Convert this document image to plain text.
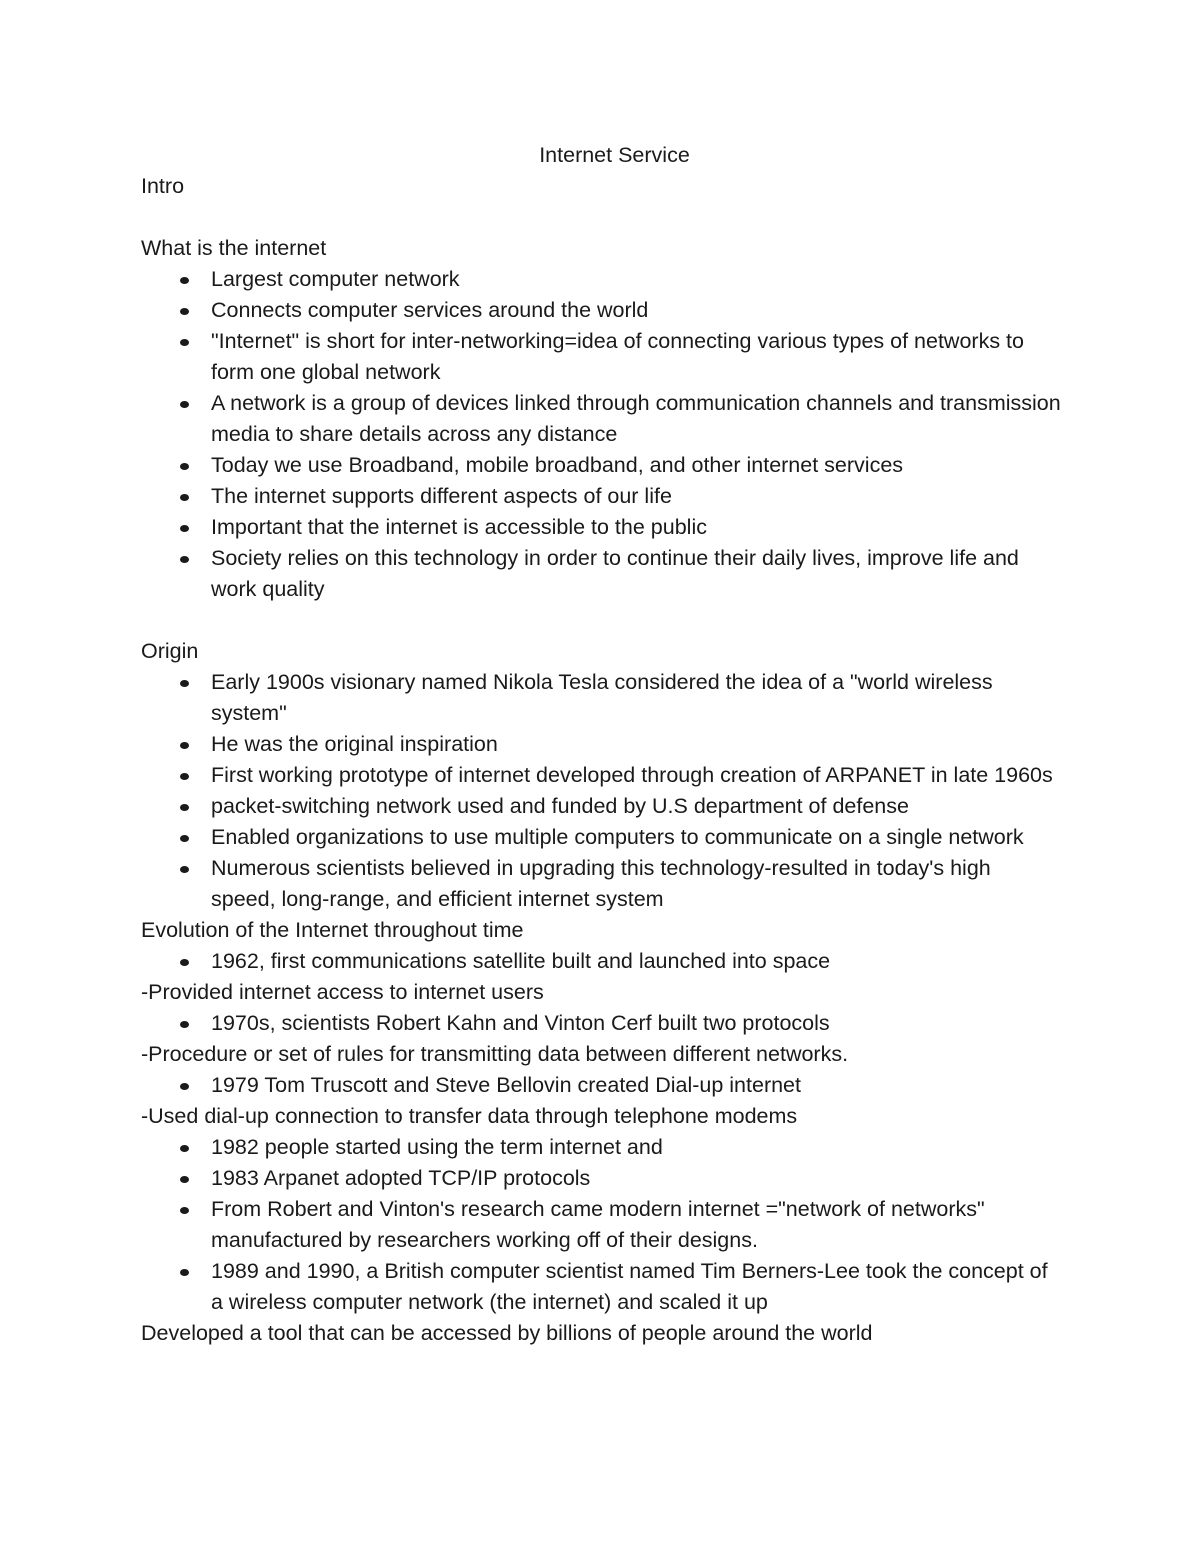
Internet Service
Intro
What is the internet
Largest computer network
Connects computer services around the world
"Internet" is short for inter-networking=idea of connecting various types of networks to form one global network
A network is a group of devices linked through communication channels and transmission media to share details across any distance
Today we use Broadband, mobile broadband, and other internet services
The internet supports different aspects of our life
Important that the internet is accessible to the public
Society relies on this technology in order to continue their daily lives, improve life and work quality
Origin
Early 1900s visionary named Nikola Tesla considered the idea of a "world wireless system"
He was the original inspiration
First working prototype of internet developed through creation of ARPANET in late 1960s
packet-switching network used and funded by U.S department of defense
Enabled organizations to use multiple computers to communicate on a single network
Numerous scientists believed in upgrading this technology-resulted in today's high speed, long-range, and efficient internet system
Evolution of the Internet throughout time
1962, first communications satellite built and launched into space
-Provided internet access to internet users
1970s, scientists Robert Kahn and Vinton Cerf built two protocols
-Procedure or set of rules for transmitting data between different networks.
1979 Tom Truscott and Steve Bellovin created Dial-up internet
-Used dial-up connection to transfer data through telephone modems
1982 people started using the term internet and
1983 Arpanet adopted TCP/IP protocols
From Robert and Vinton's research came modern internet ="network of networks" manufactured by researchers working off of their designs.
1989 and 1990, a British computer scientist named Tim Berners-Lee took the concept of a wireless computer network (the internet) and scaled it up
Developed a tool that can be accessed by billions of people around the world
